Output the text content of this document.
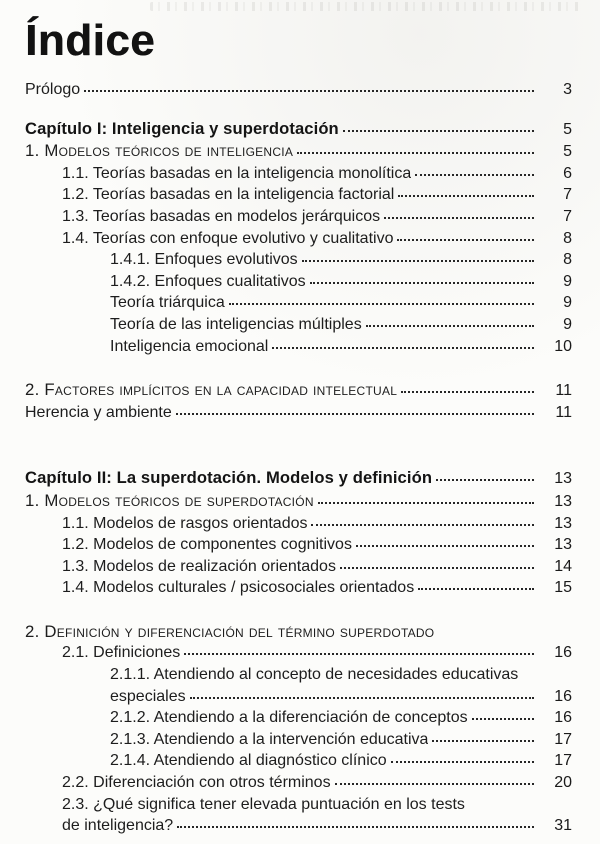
Índice
Prólogo	3
Capítulo I: Inteligencia y superdotación	5
1. Modelos teóricos de inteligencia	5
1.1. Teorías basadas en la inteligencia monolítica	6
1.2. Teorías basadas en la inteligencia factorial	7
1.3. Teorías basadas en modelos jerárquicos	7
1.4. Teorías con enfoque evolutivo y cualitativo	8
1.4.1. Enfoques evolutivos	8
1.4.2. Enfoques cualitativos	9
Teoría triárquica	9
Teoría de las inteligencias múltiples	9
Inteligencia emocional	10
2. Factores implícitos en la capacidad intelectual	11
Herencia y ambiente	11
Capítulo II: La superdotación. Modelos y definición	13
1. Modelos teóricos de superdotación	13
1.1. Modelos de rasgos orientados	13
1.2. Modelos de componentes cognitivos	13
1.3. Modelos de realización orientados	14
1.4. Modelos culturales / psicosociales orientados	15
2. Definición y diferenciación del término superdotado
2.1. Definiciones	16
2.1.1. Atendiendo al concepto de necesidades educativas
especiales	16
2.1.2. Atendiendo a la diferenciación de conceptos	16
2.1.3. Atendiendo a la intervención educativa	17
2.1.4. Atendiendo al diagnóstico clínico	17
2.2. Diferenciación con otros términos	20
2.3. ¿Qué significa tener elevada puntuación en los tests
de inteligencia?	31
